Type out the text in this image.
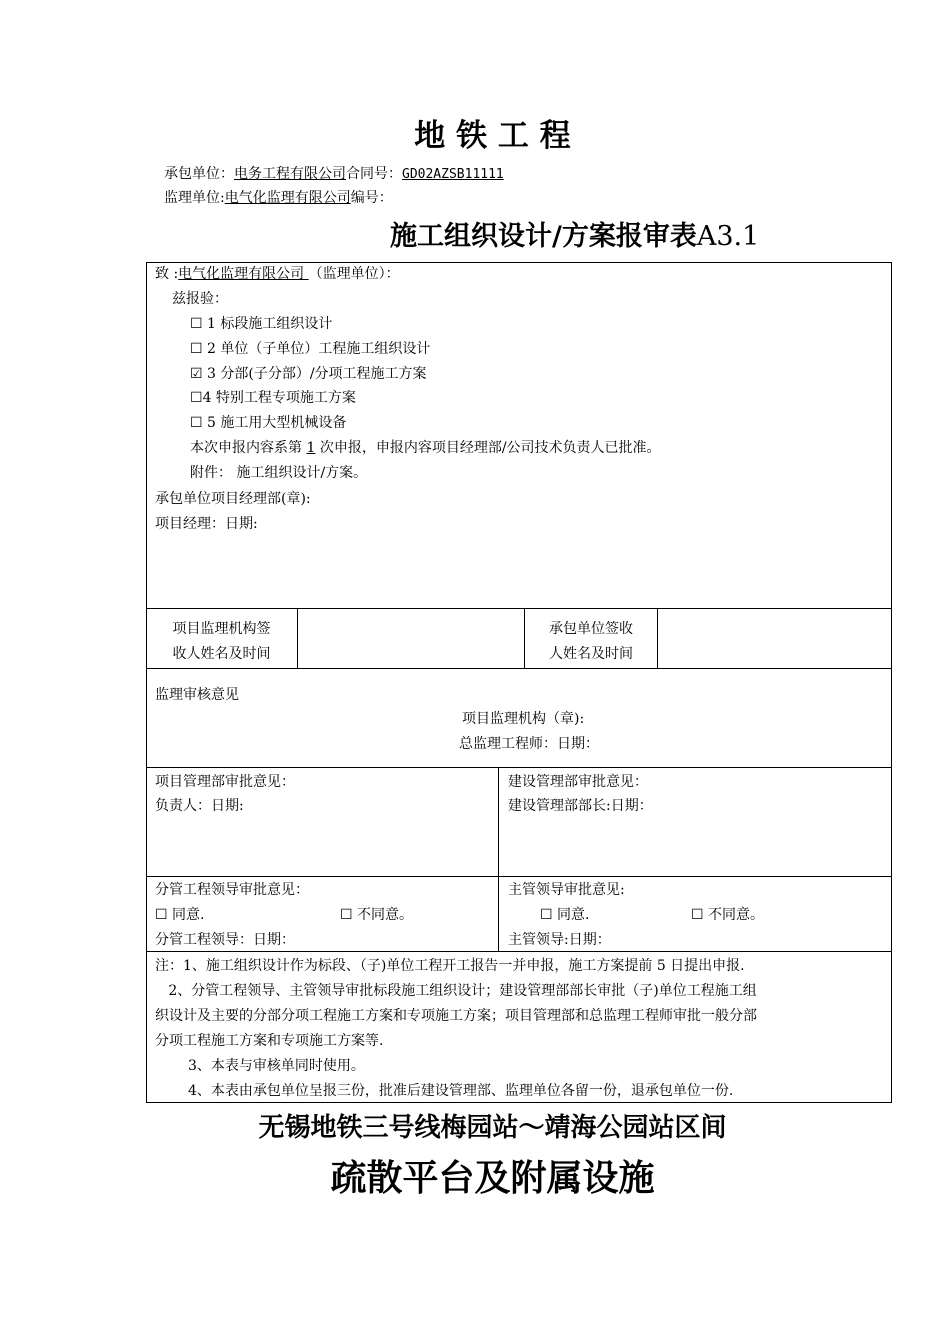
地 铁 工 程
承包单位：电务工程有限公司合同号：GD02AZSB11111
监理单位:电气化监理有限公司编号：
施工组织设计/方案报审表A3.1
致 :电气化监理有限公司 （监理单位）：
兹报验：
☐ 1 标段施工组织设计
☐ 2 单位（子单位）工程施工组织设计
☑ 3 分部(子分部）/分项工程施工方案
☐4 特别工程专项施工方案
☐ 5 施工用大型机械设备
本次申报内容系第 1 次申报，申报内容项目经理部/公司技术负责人已批准。
附件： 施工组织设计/方案。
承包单位项目经理部(章):
项目经理：日期:
项目监理机构签
收人姓名及时间
承包单位签收
人姓名及时间
监理审核意见
项目监理机构（章):
总监理工程师：日期：
项目管理部审批意见：
负责人：日期:
建设管理部审批意见：
建设管理部部长:日期：
分管工程领导审批意见：
☐ 同意.	☐ 不同意。
分管工程领导：日期：
主管领导审批意见:
☐ 同意.	☐ 不同意。
主管领导:日期：
注：1、施工组织设计作为标段、（子)单位工程开工报告一并申报，施工方案提前 5 日提出申报.
2、分管工程领导、主管领导审批标段施工组织设计；建设管理部部长审批（子)单位工程施工组
织设计及主要的分部分项工程施工方案和专项施工方案；项目管理部和总监理工程师审批一般分部
分项工程施工方案和专项施工方案等.
3、本表与审核单同时使用。
4、本表由承包单位呈报三份，批准后建设管理部、监理单位各留一份，退承包单位一份.
无锡地铁三号线梅园站～靖海公园站区间
疏散平台及附属设施
